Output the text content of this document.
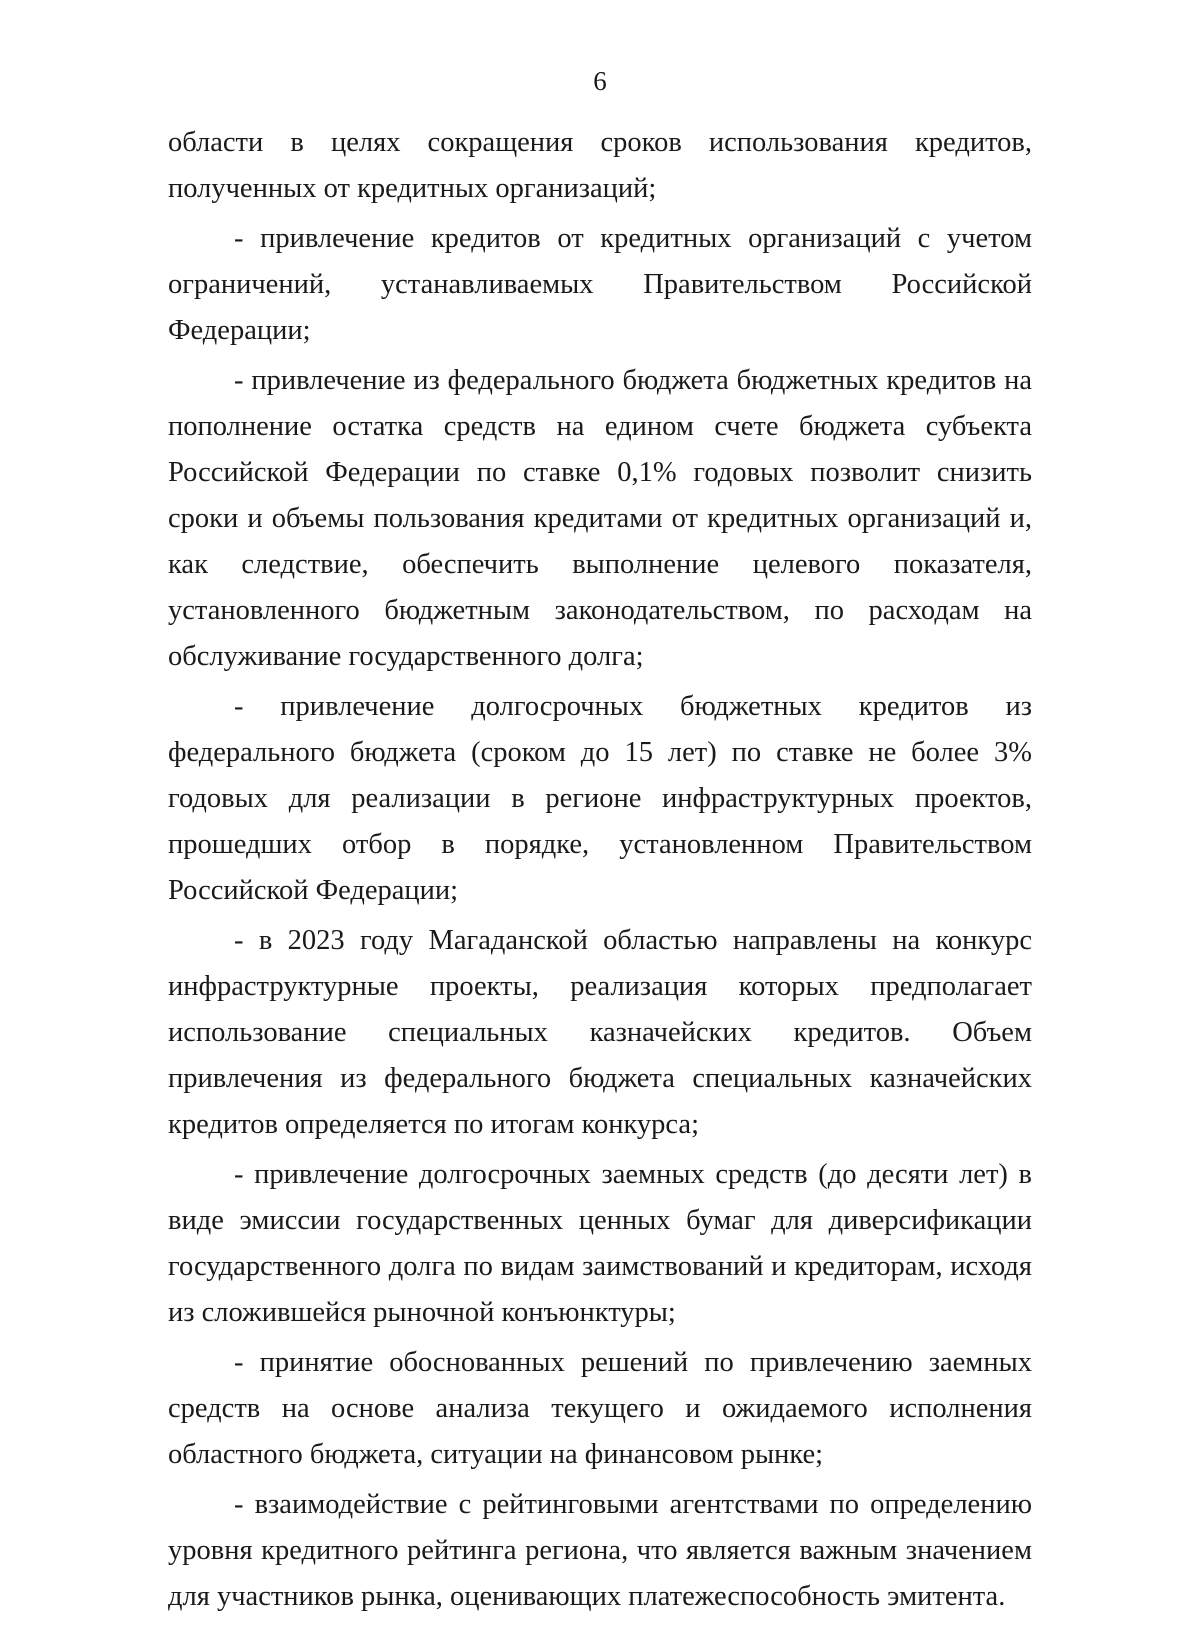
6

области в целях сокращения сроков использования кредитов, полученных от кредитных организаций;

- привлечение кредитов от кредитных организаций с учетом ограничений, устанавливаемых Правительством Российской Федерации;

- привлечение из федерального бюджета бюджетных кредитов на пополнение остатка средств на едином счете бюджета субъекта Российской Федерации по ставке 0,1% годовых позволит снизить сроки и объемы пользования кредитами от кредитных организаций и, как следствие, обеспечить выполнение целевого показателя, установленного бюджетным законодательством, по расходам на обслуживание государственного долга;

- привлечение долгосрочных бюджетных кредитов из федерального бюджета (сроком до 15 лет) по ставке не более 3% годовых для реализации в регионе инфраструктурных проектов, прошедших отбор в порядке, установленном Правительством Российской Федерации;

- в 2023 году Магаданской областью направлены на конкурс инфраструктурные проекты, реализация которых предполагает использование специальных казначейских кредитов. Объем привлечения из федерального бюджета специальных казначейских кредитов определяется по итогам конкурса;

- привлечение долгосрочных заемных средств (до десяти лет) в виде эмиссии государственных ценных бумаг для диверсификации государственного долга по видам заимствований и кредиторам, исходя из сложившейся рыночной конъюнктуры;

- принятие обоснованных решений по привлечению заемных средств на основе анализа текущего и ожидаемого исполнения областного бюджета, ситуации на финансовом рынке;

- взаимодействие с рейтинговыми агентствами по определению уровня кредитного рейтинга региона, что является важным значением для участников рынка, оценивающих платежеспособность эмитента.
